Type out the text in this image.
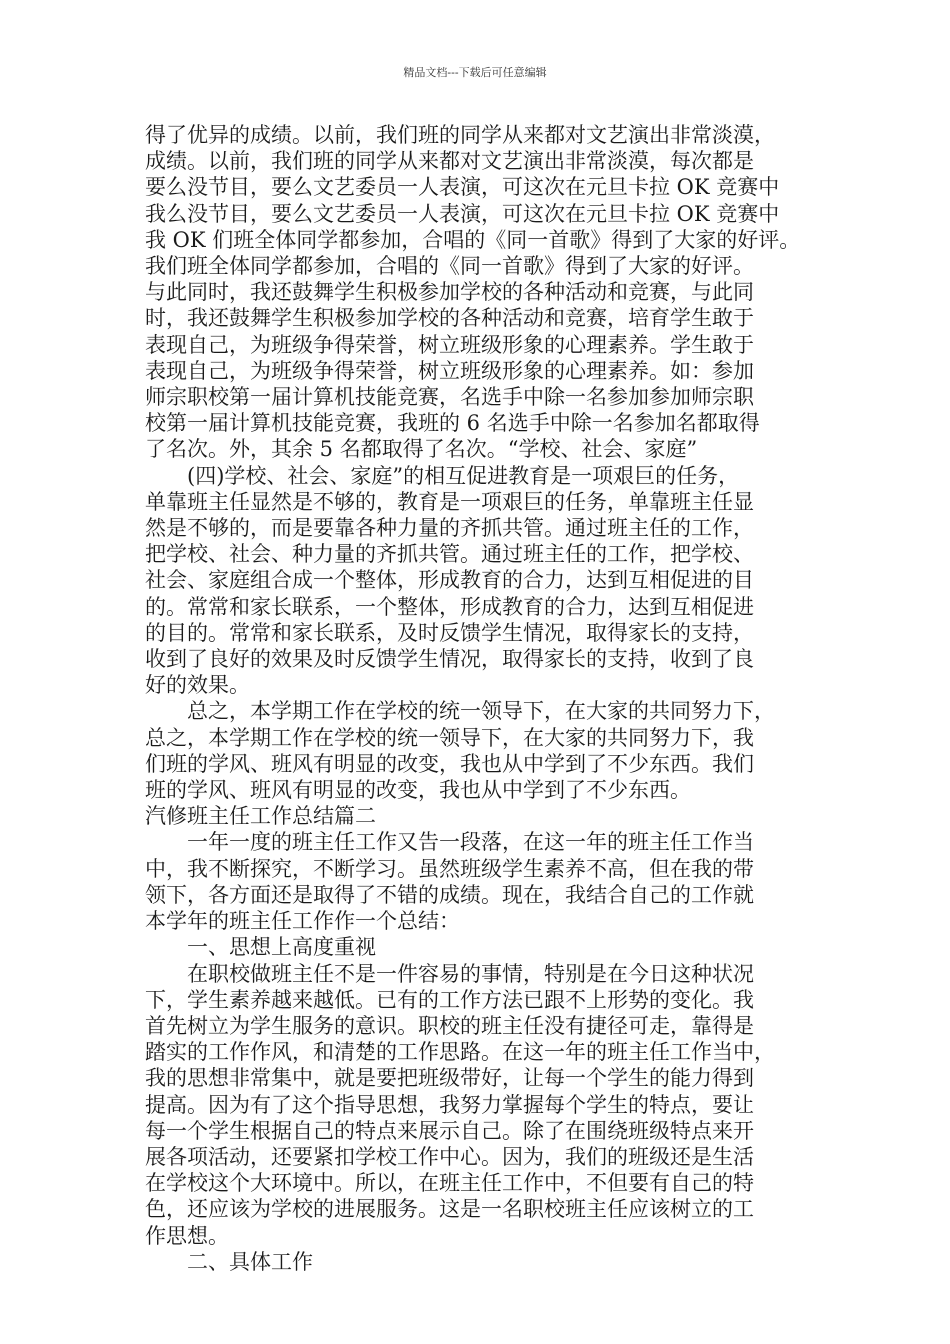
精品文档---下载后可任意编辑
得了优异的成绩。以前，我们班的同学从来都对文艺演出非常淡漠，
成绩。以前，我们班的同学从来都对文艺演出非常淡漠，每次都是
要么没节目，要么文艺委员一人表演，可这次在元旦卡拉 OK 竞赛中
我么没节目，要么文艺委员一人表演，可这次在元旦卡拉 OK 竞赛中
我 OK 们班全体同学都参加，合唱的《同一首歌》得到了大家的好评。
我们班全体同学都参加，合唱的《同一首歌》得到了大家的好评。
与此同时，我还鼓舞学生积极参加学校的各种活动和竞赛，与此同
时，我还鼓舞学生积极参加学校的各种活动和竞赛，培育学生敢于
表现自己，为班级争得荣誉，树立班级形象的心理素养。学生敢于
表现自己，为班级争得荣誉，树立班级形象的心理素养。如：参加
师宗职校第一届计算机技能竞赛，名选手中除一名参加参加师宗职
校第一届计算机技能竞赛，我班的 6 名选手中除一名参加名都取得
了名次。外，其余 5 名都取得了名次。“学校、社会、家庭”
(四)学校、社会、家庭”的相互促进教育是一项艰巨的任务，
单靠班主任显然是不够的，教育是一项艰巨的任务，单靠班主任显
然是不够的，而是要靠各种力量的齐抓共管。通过班主任的工作，
把学校、社会、种力量的齐抓共管。通过班主任的工作，把学校、
社会、家庭组合成一个整体，形成教育的合力，达到互相促进的目
的。常常和家长联系，一个整体，形成教育的合力，达到互相促进
的目的。常常和家长联系，及时反馈学生情况，取得家长的支持，
收到了良好的效果及时反馈学生情况，取得家长的支持，收到了良
好的效果。
总之，本学期工作在学校的统一领导下，在大家的共同努力下，
总之，本学期工作在学校的统一领导下，在大家的共同努力下，我
们班的学风、班风有明显的改变，我也从中学到了不少东西。我们
班的学风、班风有明显的改变，我也从中学到了不少东西。
汽修班主任工作总结篇二
一年一度的班主任工作又告一段落，在这一年的班主任工作当
中，我不断探究，不断学习。虽然班级学生素养不高，但在我的带
领下，各方面还是取得了不错的成绩。现在，我结合自己的工作就
本学年的班主任工作作一个总结：
一、思想上高度重视
在职校做班主任不是一件容易的事情，特别是在今日这种状况
下，学生素养越来越低。已有的工作方法已跟不上形势的变化。我
首先树立为学生服务的意识。职校的班主任没有捷径可走，靠得是
踏实的工作作风，和清楚的工作思路。在这一年的班主任工作当中，
我的思想非常集中，就是要把班级带好，让每一个学生的能力得到
提高。因为有了这个指导思想，我努力掌握每个学生的特点，要让
每一个学生根据自己的特点来展示自己。除了在围绕班级特点来开
展各项活动，还要紧扣学校工作中心。因为，我们的班级还是生活
在学校这个大环境中。所以，在班主任工作中，不但要有自己的特
色，还应该为学校的进展服务。这是一名职校班主任应该树立的工
作思想。
二、具体工作
